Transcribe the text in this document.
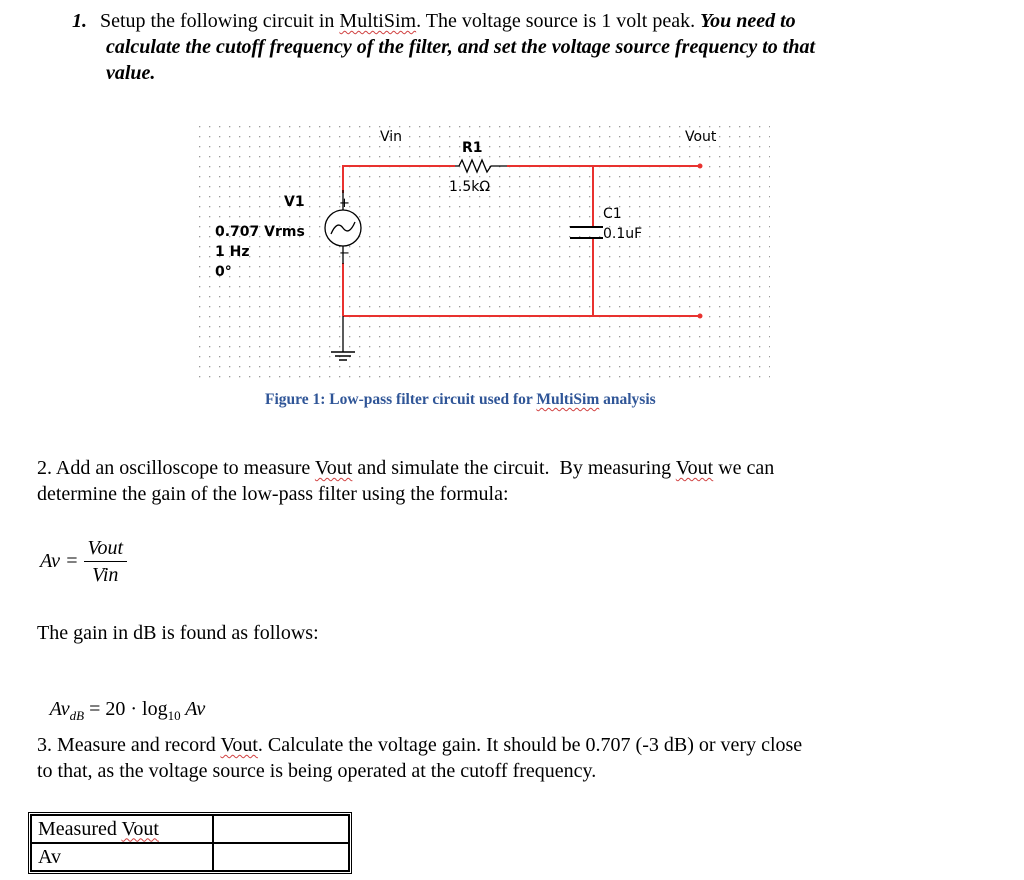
1. Setup the following circuit in MultiSim. The voltage source is 1 volt peak. You need to
calculate the cutoff frequency of the filter, and set the voltage source frequency to that
value.
+
−
Vin	Vout
R1
1.5kΩ
C1
0.1uF
V1
0.707 Vrms
1 Hz
0°
Figure 1: Low-pass filter circuit used for MultiSim analysis
2. Add an oscilloscope to measure Vout and simulate the circuit.  By measuring Vout we can
determine the gain of the low-pass filter using the formula:
$Av = \frac{\text{Vout}}{\text{Vin}}$
The gain in dB is found as follows:

$Av_{dB} = 20 \cdot \log_{10} Av$

3. Measure and record Vout. Calculate the voltage gain. It should be 0.707 (-3 dB) or very close
to that, as the voltage source is being operated at the cutoff frequency.
Measured Vout	
Av	
